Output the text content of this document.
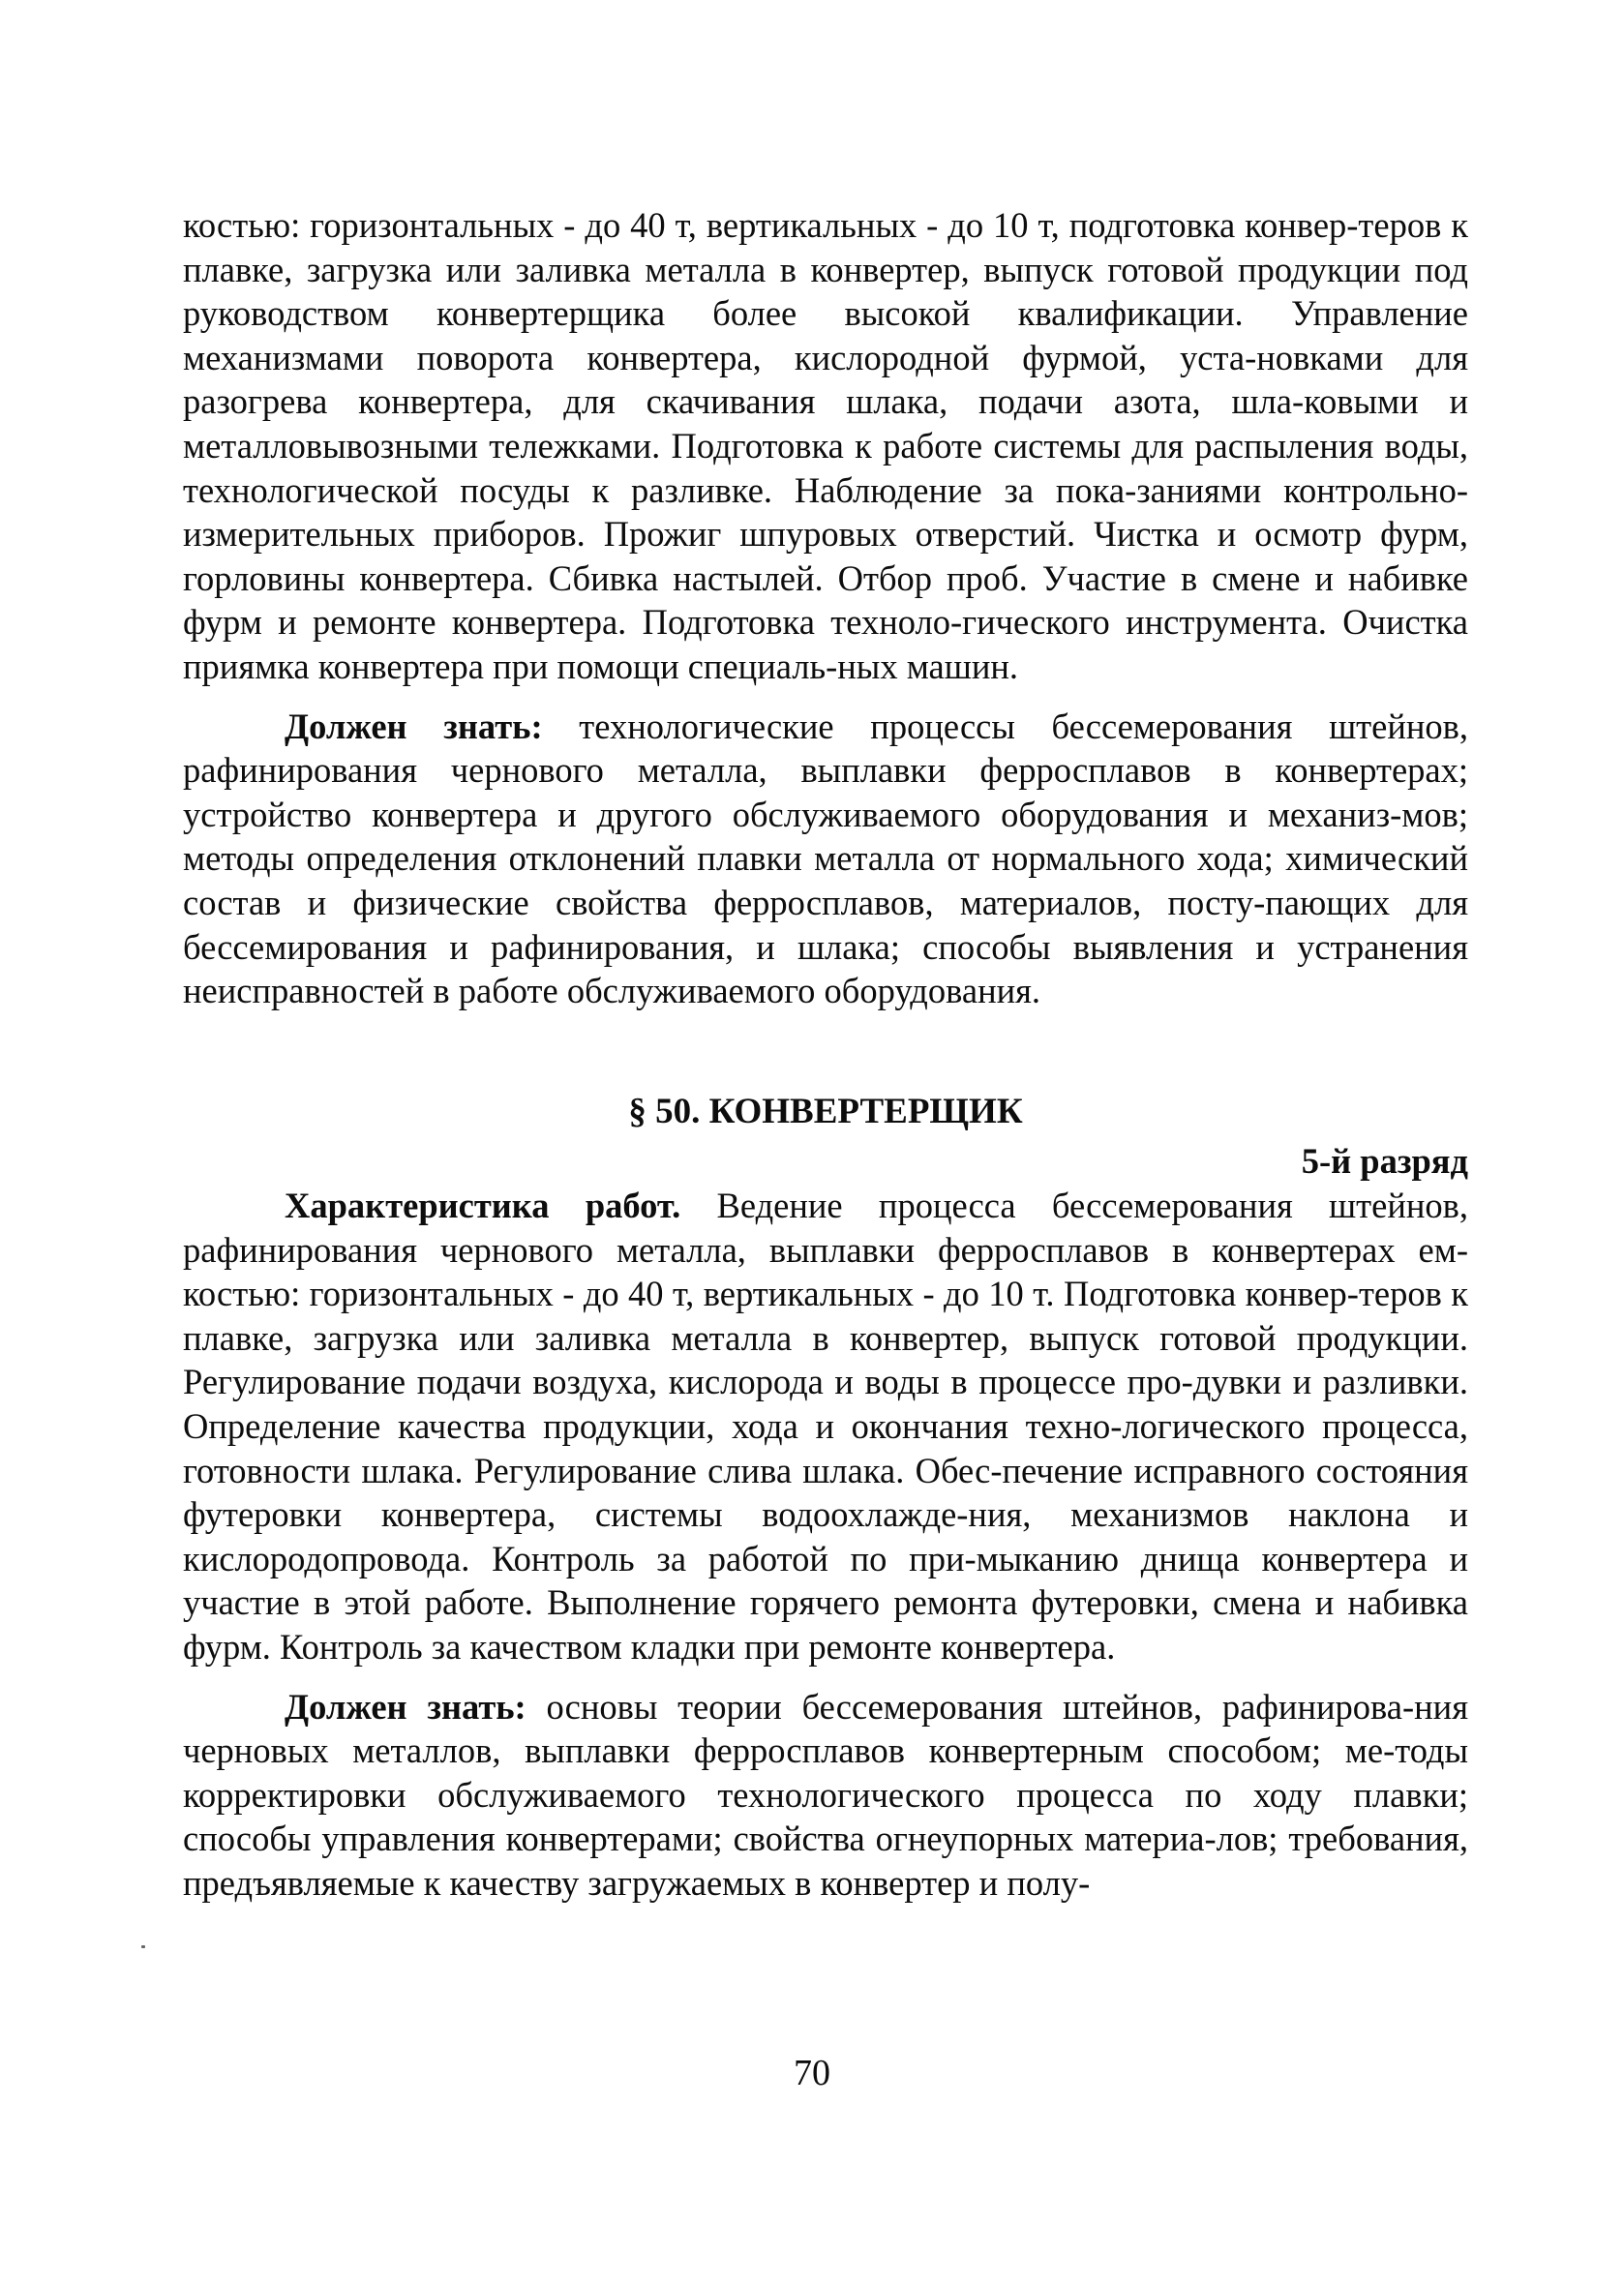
костью: горизонтальных - до 40 т, вертикальных - до 10 т, подготовка конвер-теров к плавке, загрузка или заливка металла в конвертер, выпуск готовой продукции под руководством конвертерщика более высокой квалификации. Управление механизмами поворота конвертера, кислородной фурмой, уста-новками для разогрева конвертера, для скачивания шлака, подачи азота, шла-ковыми и металловывозными тележками. Подготовка к работе системы для распыления воды, технологической посуды к разливке. Наблюдение за пока-заниями контрольно-измерительных приборов. Прожиг шпуровых отверстий. Чистка и осмотр фурм, горловины конвертера. Сбивка настылей. Отбор проб. Участие в смене и набивке фурм и ремонте конвертера. Подготовка техноло-гического инструмента. Очистка приямка конвертера при помощи специаль-ных машин.

Должен знать: технологические процессы бессемерования штейнов, рафинирования чернового металла, выплавки ферросплавов в конвертерах; устройство конвертера и другого обслуживаемого оборудования и механиз-мов; методы определения отклонений плавки металла от нормального хода; химический состав и физические свойства ферросплавов, материалов, посту-пающих для бессемирования и рафинирования, и шлака; способы выявления и устранения неисправностей в работе обслуживаемого оборудования.

§ 50. КОНВЕРТЕРЩИК
5-й разряд

Характеристика работ. Ведение процесса бессемерования штейнов, рафинирования чернового металла, выплавки ферросплавов в конвертерах ем-костью: горизонтальных - до 40 т, вертикальных - до 10 т. Подготовка конвер-теров к плавке, загрузка или заливка металла в конвертер, выпуск готовой продукции. Регулирование подачи воздуха, кислорода и воды в процессе про-дувки и разливки. Определение качества продукции, хода и окончания техно-логического процесса, готовности шлака. Регулирование слива шлака. Обес-печение исправного состояния футеровки конвертера, системы водоохлажде-ния, механизмов наклона и кислородопровода. Контроль за работой по при-мыканию днища конвертера и участие в этой работе. Выполнение горячего ремонта футеровки, смена и набивка фурм. Контроль за качеством кладки при ремонте конвертера.

Должен знать: основы теории бессемерования штейнов, рафинирова-ния черновых металлов, выплавки ферросплавов конвертерным способом; ме-тоды корректировки обслуживаемого технологического процесса по ходу плавки; способы управления конвертерами; свойства огнеупорных материа-лов; требования, предъявляемые к качеству загружаемых в конвертер и полу-

70
